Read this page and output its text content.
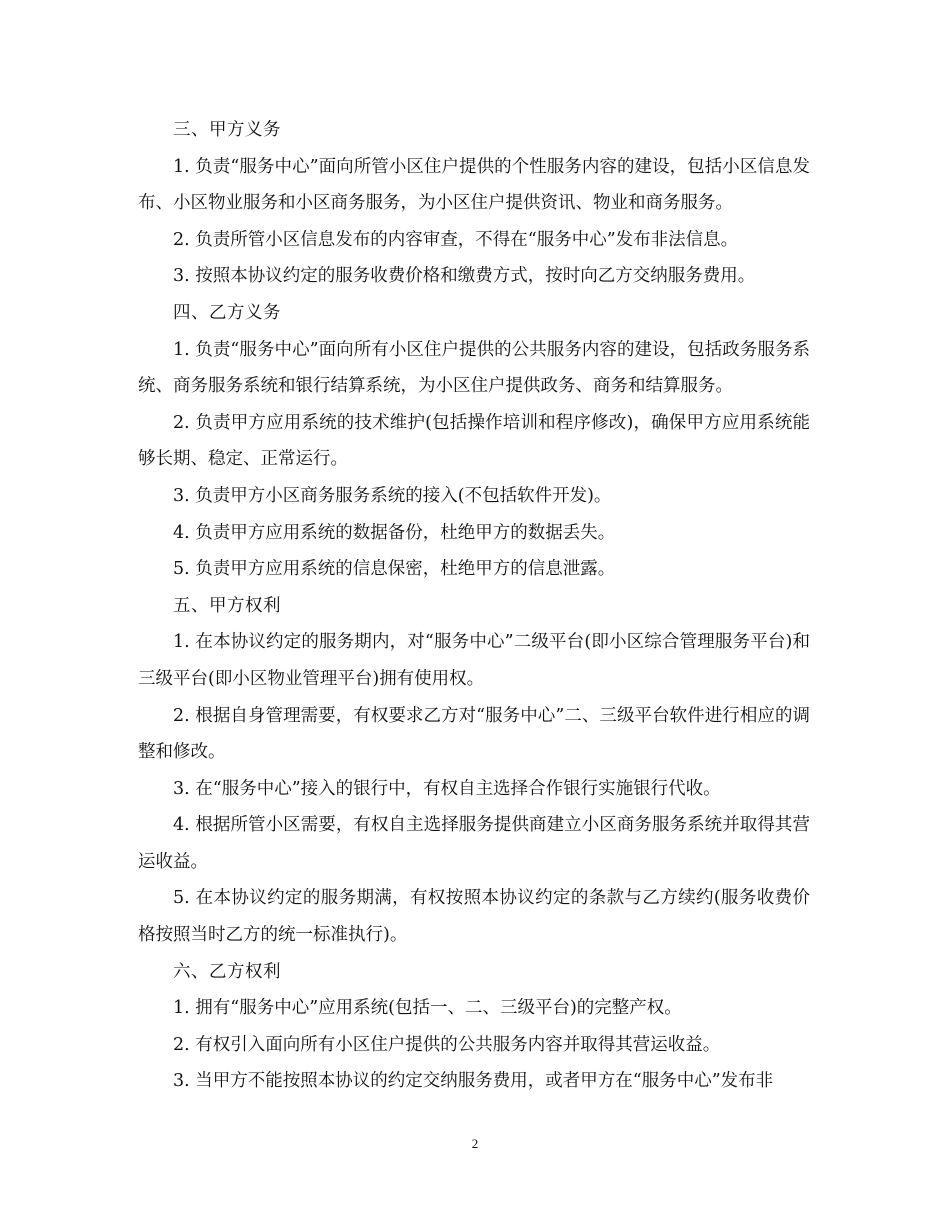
三、甲方义务

1. 负责“服务中心”面向所管小区住户提供的个性服务内容的建设，包括小区信息发布、小区物业服务和小区商务服务，为小区住户提供资讯、物业和商务服务。

2. 负责所管小区信息发布的内容审查，不得在“服务中心”发布非法信息。

3. 按照本协议约定的服务收费价格和缴费方式，按时向乙方交纳服务费用。

四、乙方义务

1. 负责“服务中心”面向所有小区住户提供的公共服务内容的建设，包括政务服务系统、商务服务系统和银行结算系统，为小区住户提供政务、商务和结算服务。

2. 负责甲方应用系统的技术维护(包括操作培训和程序修改)，确保甲方应用系统能够长期、稳定、正常运行。

3. 负责甲方小区商务服务系统的接入(不包括软件开发)。

4. 负责甲方应用系统的数据备份，杜绝甲方的数据丢失。

5. 负责甲方应用系统的信息保密，杜绝甲方的信息泄露。

五、甲方权利

1. 在本协议约定的服务期内，对“服务中心”二级平台(即小区综合管理服务平台)和三级平台(即小区物业管理平台)拥有使用权。

2. 根据自身管理需要，有权要求乙方对“服务中心”二、三级平台软件进行相应的调整和修改。

3. 在“服务中心”接入的银行中，有权自主选择合作银行实施银行代收。

4. 根据所管小区需要，有权自主选择服务提供商建立小区商务服务系统并取得其营运收益。

5. 在本协议约定的服务期满，有权按照本协议约定的条款与乙方续约(服务收费价格按照当时乙方的统一标准执行)。

六、乙方权利

1. 拥有“服务中心”应用系统(包括一、二、三级平台)的完整产权。

2. 有权引入面向所有小区住户提供的公共服务内容并取得其营运收益。

3. 当甲方不能按照本协议的约定交纳服务费用，或者甲方在“服务中心”发布非

2
